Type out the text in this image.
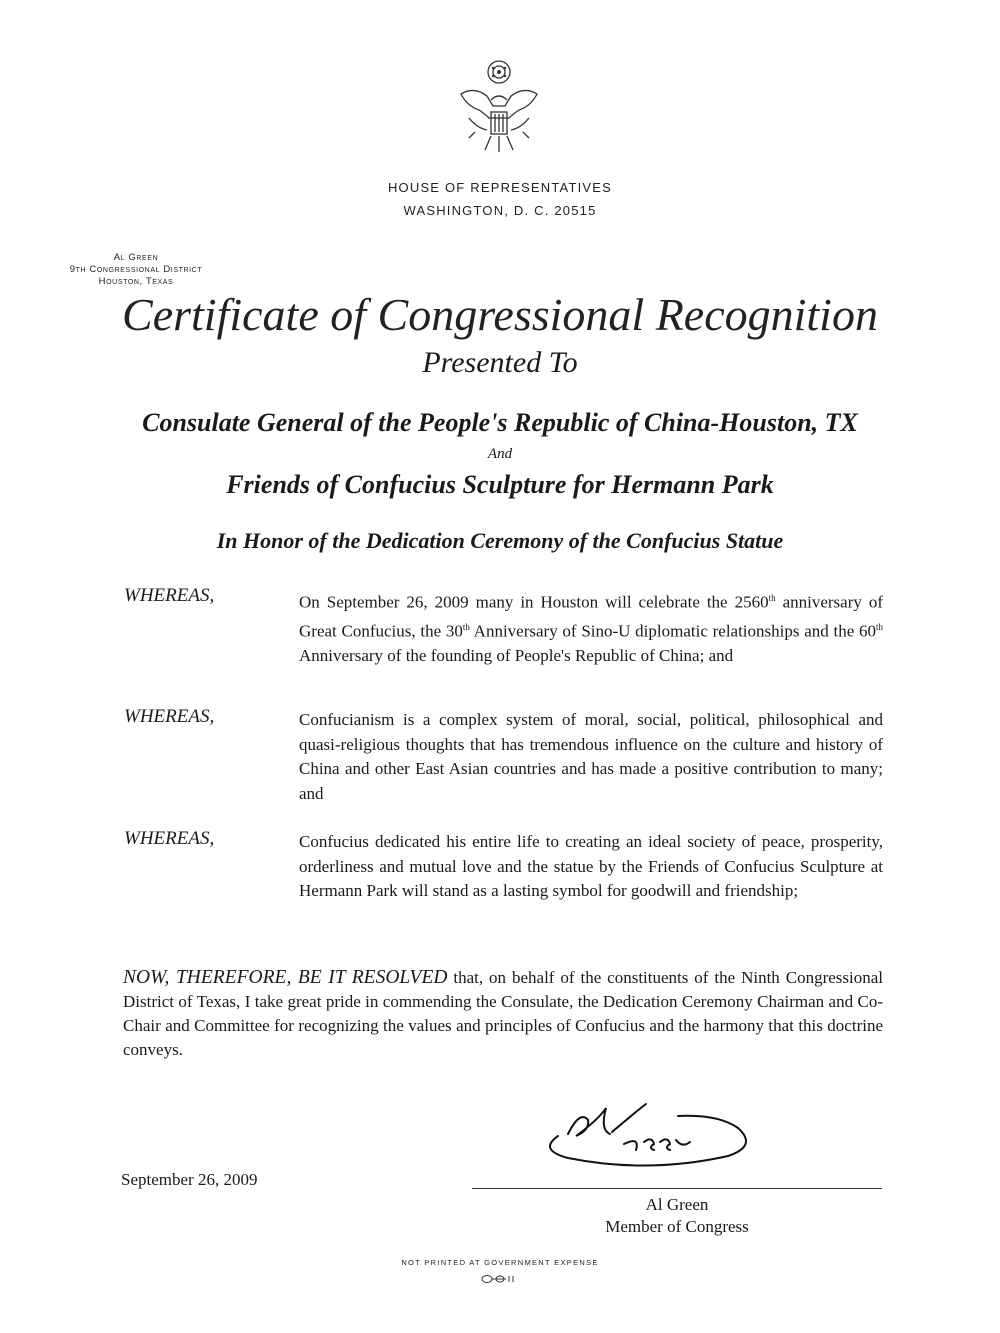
HOUSE OF REPRESENTATIVES
WASHINGTON, D. C. 20515
Al Green
9th Congressional District
Houston, Texas
Certificate of Congressional Recognition
Presented To
Consulate General of the People's Republic of China-Houston, TX
And
Friends of Confucius Sculpture for Hermann Park
In Honor of the Dedication Ceremony of the Confucius Statue
WHEREAS,	On September 26, 2009 many in Houston will celebrate the 2560th anniversary of Great Confucius, the 30th Anniversary of Sino-U diplomatic relationships and the 60th Anniversary of the founding of People's Republic of China; and
WHEREAS,	Confucianism is a complex system of moral, social, political, philosophical and quasi-religious thoughts that has tremendous influence on the culture and history of China and other East Asian countries and has made a positive contribution to many; and
WHEREAS,	Confucius dedicated his entire life to creating an ideal society of peace, prosperity, orderliness and mutual love and the statue by the Friends of Confucius Sculpture at Hermann Park will stand as a lasting symbol for goodwill and friendship;
NOW, THEREFORE, BE IT RESOLVED that, on behalf of the constituents of the Ninth Congressional District of Texas, I take great pride in commending the Consulate, the Dedication Ceremony Chairman and Co-Chair and Committee for recognizing the values and principles of Confucius and the harmony that this doctrine conveys.
September 26, 2009
Al Green
Member of Congress
NOT PRINTED AT GOVERNMENT EXPENSE
